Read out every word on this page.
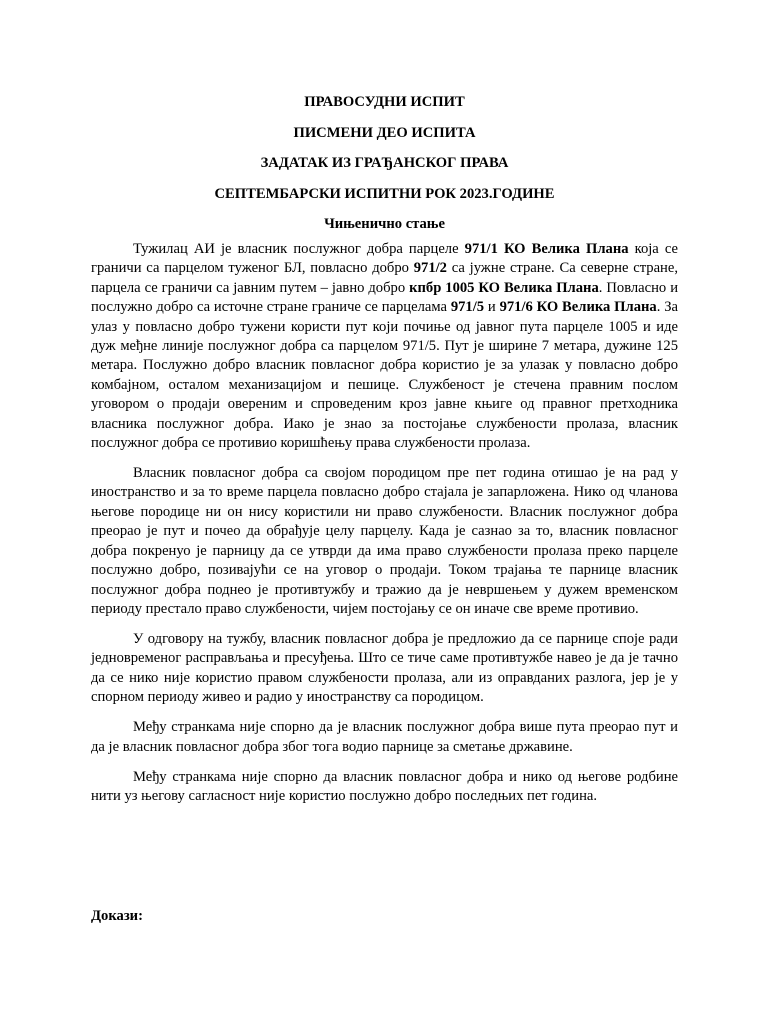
ПРАВОСУДНИ ИСПИТ
ПИСМЕНИ ДЕО ИСПИТА
ЗАДАТАК ИЗ ГРАЂАНСКОГ ПРАВА
СЕПТЕМБАРСКИ ИСПИТНИ РОК 2023.ГОДИНЕ
Чињенично стање

Тужилац АИ је власник послужног добра парцеле 971/1 КО Велика Плана која се граничи са парцелом туженог БЛ, повласно добро 971/2 са јужне стране. Са северне стране, парцела се граничи са јавним путем – јавно добро кпбр 1005 КО Велика Плана. Повласно и послужно добро са источне стране граниче се парцелама 971/5 и 971/6 КО Велика Плана. За улаз у повласно добро тужени користи пут који почиње од јавног пута парцеле 1005 и иде дуж међне линије послужног добра са парцелом 971/5. Пут је ширине 7 метара, дужине 125 метара. Послужно добро власник повласног добра користио је за улазак у повласно добро комбајном, осталом механизацијом и пешице. Службеност је стечена правним послом уговором о продаји овереним и спроведеним кроз јавне књиге од правног претходника власника послужног добра. Иако је знао за постојање службености пролаза, власник послужног добра се противио коришћењу права службености пролаза.

Власник повласног добра са својом породицом пре пет година отишао је на рад у иностранство и за то време парцела повласно добро стајала је запарложена. Нико од чланова његове породице ни он нису користили ни право службености. Власник послужног добра преорао је пут и почео да обрађује целу парцелу. Када је сазнао за то, власник повласног добра покренуо је парницу да се утврди да има право службености пролаза преко парцеле послужно добро, позивајући се на уговор о продаји. Током трајања те парнице власник послужног добра поднео је противтужбу и тражио да је невршењем у дужем временском периоду престало право службености, чијем постојању се он иначе све време противио.

У одговору на тужбу, власник повласног добра је предложио да се парнице споје ради једновременог расправљања и пресуђења. Што се тиче саме противтужбе навео је да је тачно да се нико није користио правом службености пролаза, али из оправданих разлога, јер је у спорном периоду живео и радио у иностранству са породицом.

Међу странкама није спорно да је власник послужног добра више пута преорао пут и да је власник повласног добра због тога водио парнице за сметање државине.

Међу странкама није спорно да власник повласног добра и нико од његове родбине нити уз његову сагласност није користио послужно добро последњих пет година.

Докази:
